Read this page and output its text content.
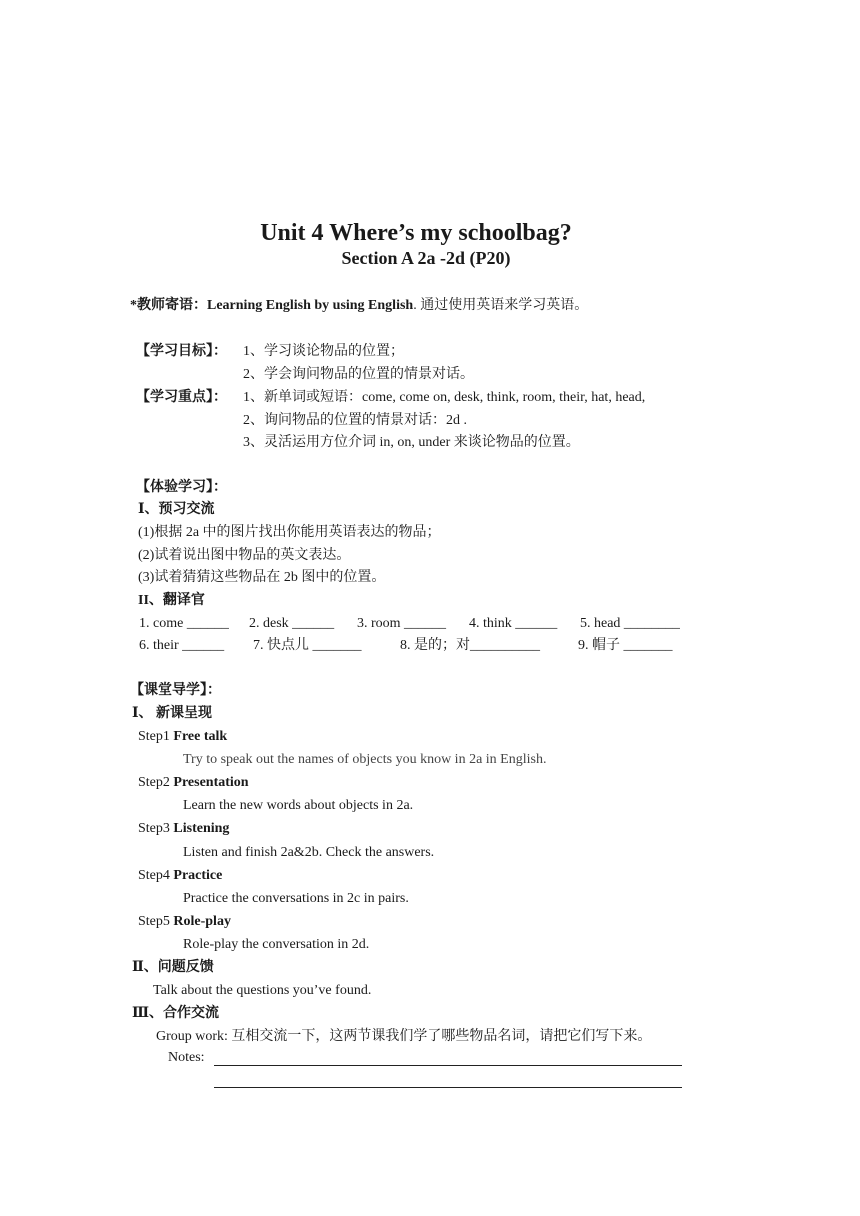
Unit 4 Where’s my schoolbag?
Section A 2a -2d (P20)
*教师寄语：Learning English by using English. 通过使用英语来学习英语。
【学习目标】： 1、学习谈论物品的位置；
2、学会询问物品的位置的情景对话。
【学习重点】： 1、新单词或短语：come, come on, desk, think, room, their, hat, head,
2、询问物品的位置的情景对话：2d .
3、灵活运用方位介词 in, on, under 来谈论物品的位置。
【体验学习】：
Ⅰ、预习交流
(1)根据 2a 中的图片找出你能用英语表达的物品；
(2)试着说出图中物品的英文表达。
(3)试着猜猜这些物品在 2b 图中的位置。
II、翻译官
1. come ______ 2. desk ______ 3. room ______ 4. think ______ 5. head ________
6. their ______ 7. 快点儿 _______	8. 是的；对__________	9. 帽子 _______
【课堂导学】：
Ⅰ、 新课呈现
Step1 Free talk
Try to speak out the names of objects you know in 2a in English.
Step2 Presentation
Learn the new words about objects in 2a.
Step3 Listening
Listen and finish 2a&2b. Check the answers.
Step4 Practice
Practice the conversations in 2c in pairs.
Step5 Role-play
Role-play the conversation in 2d.
Ⅱ、问题反馈
Talk about the questions you’ve found.
Ⅲ、合作交流
Group work: 互相交流一下，这两节课我们学了哪些物品名词，请把它们写下来。
Notes:
